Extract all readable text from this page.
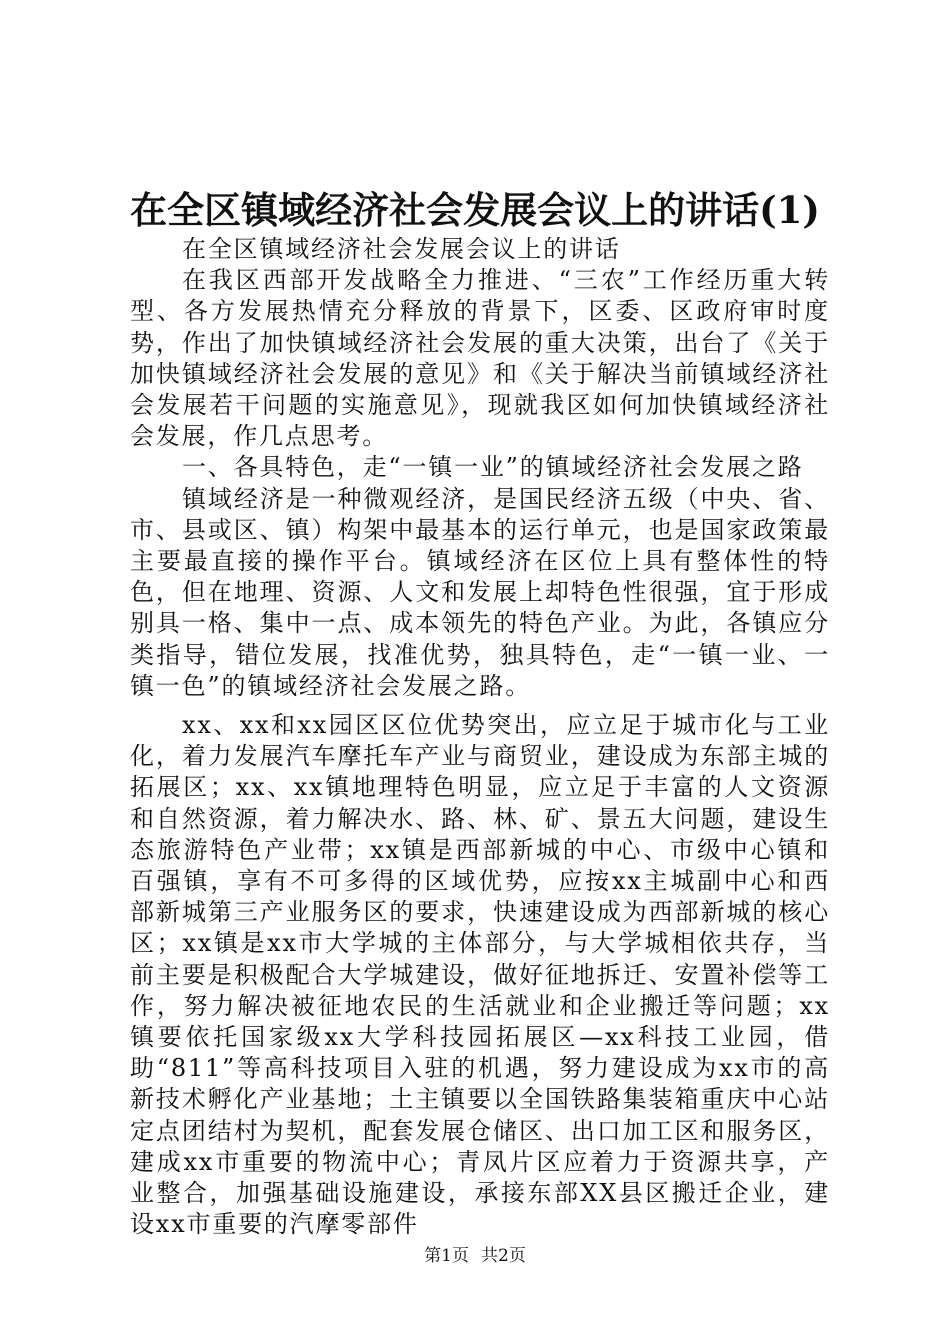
在全区镇域经济社会发展会议上的讲话(1)

在全区镇域经济社会发展会议上的讲话

在我区西部开发战略全力推进、“三农”工作经历重大转型、各方发展热情充分释放的背景下，区委、区政府审时度势，作出了加快镇域经济社会发展的重大决策，出台了《关于加快镇域经济社会发展的意见》和《关于解决当前镇域经济社会发展若干问题的实施意见》，现就我区如何加快镇域经济社会发展，作几点思考。

一、各具特色，走“一镇一业”的镇域经济社会发展之路

镇域经济是一种微观经济，是国民经济五级（中央、省、市、县或区、镇）构架中最基本的运行单元，也是国家政策最主要最直接的操作平台。镇域经济在区位上具有整体性的特色，但在地理、资源、人文和发展上却特色性很强，宜于形成别具一格、集中一点、成本领先的特色产业。为此，各镇应分类指导，错位发展，找准优势，独具特色，走“一镇一业、一镇一色”的镇域经济社会发展之路。

xx、xx和xx园区区位优势突出，应立足于城市化与工业化，着力发展汽车摩托车产业与商贸业，建设成为东部主城的拓展区；xx、xx镇地理特色明显，应立足于丰富的人文资源和自然资源，着力解决水、路、林、矿、景五大问题，建设生态旅游特色产业带；xx镇是西部新城的中心、市级中心镇和百强镇，享有不可多得的区域优势，应按xx主城副中心和西部新城第三产业服务区的要求，快速建设成为西部新城的核心区；xx镇是xx市大学城的主体部分，与大学城相依共存，当前主要是积极配合大学城建设，做好征地拆迁、安置补偿等工作，努力解决被征地农民的生活就业和企业搬迁等问题；xx镇要依托国家级xx大学科技园拓展区—xx科技工业园，借助“811”等高科技项目入驻的机遇，努力建设成为xx市的高新技术孵化产业基地；土主镇要以全国铁路集装箱重庆中心站定点团结村为契机，配套发展仓储区、出口加工区和服务区，建成xx市重要的物流中心；青凤片区应着力于资源共享，产业整合，加强基础设施建设，承接东部XX县区搬迁企业，建设xx市重要的汽摩零部件

第1页 共2页
